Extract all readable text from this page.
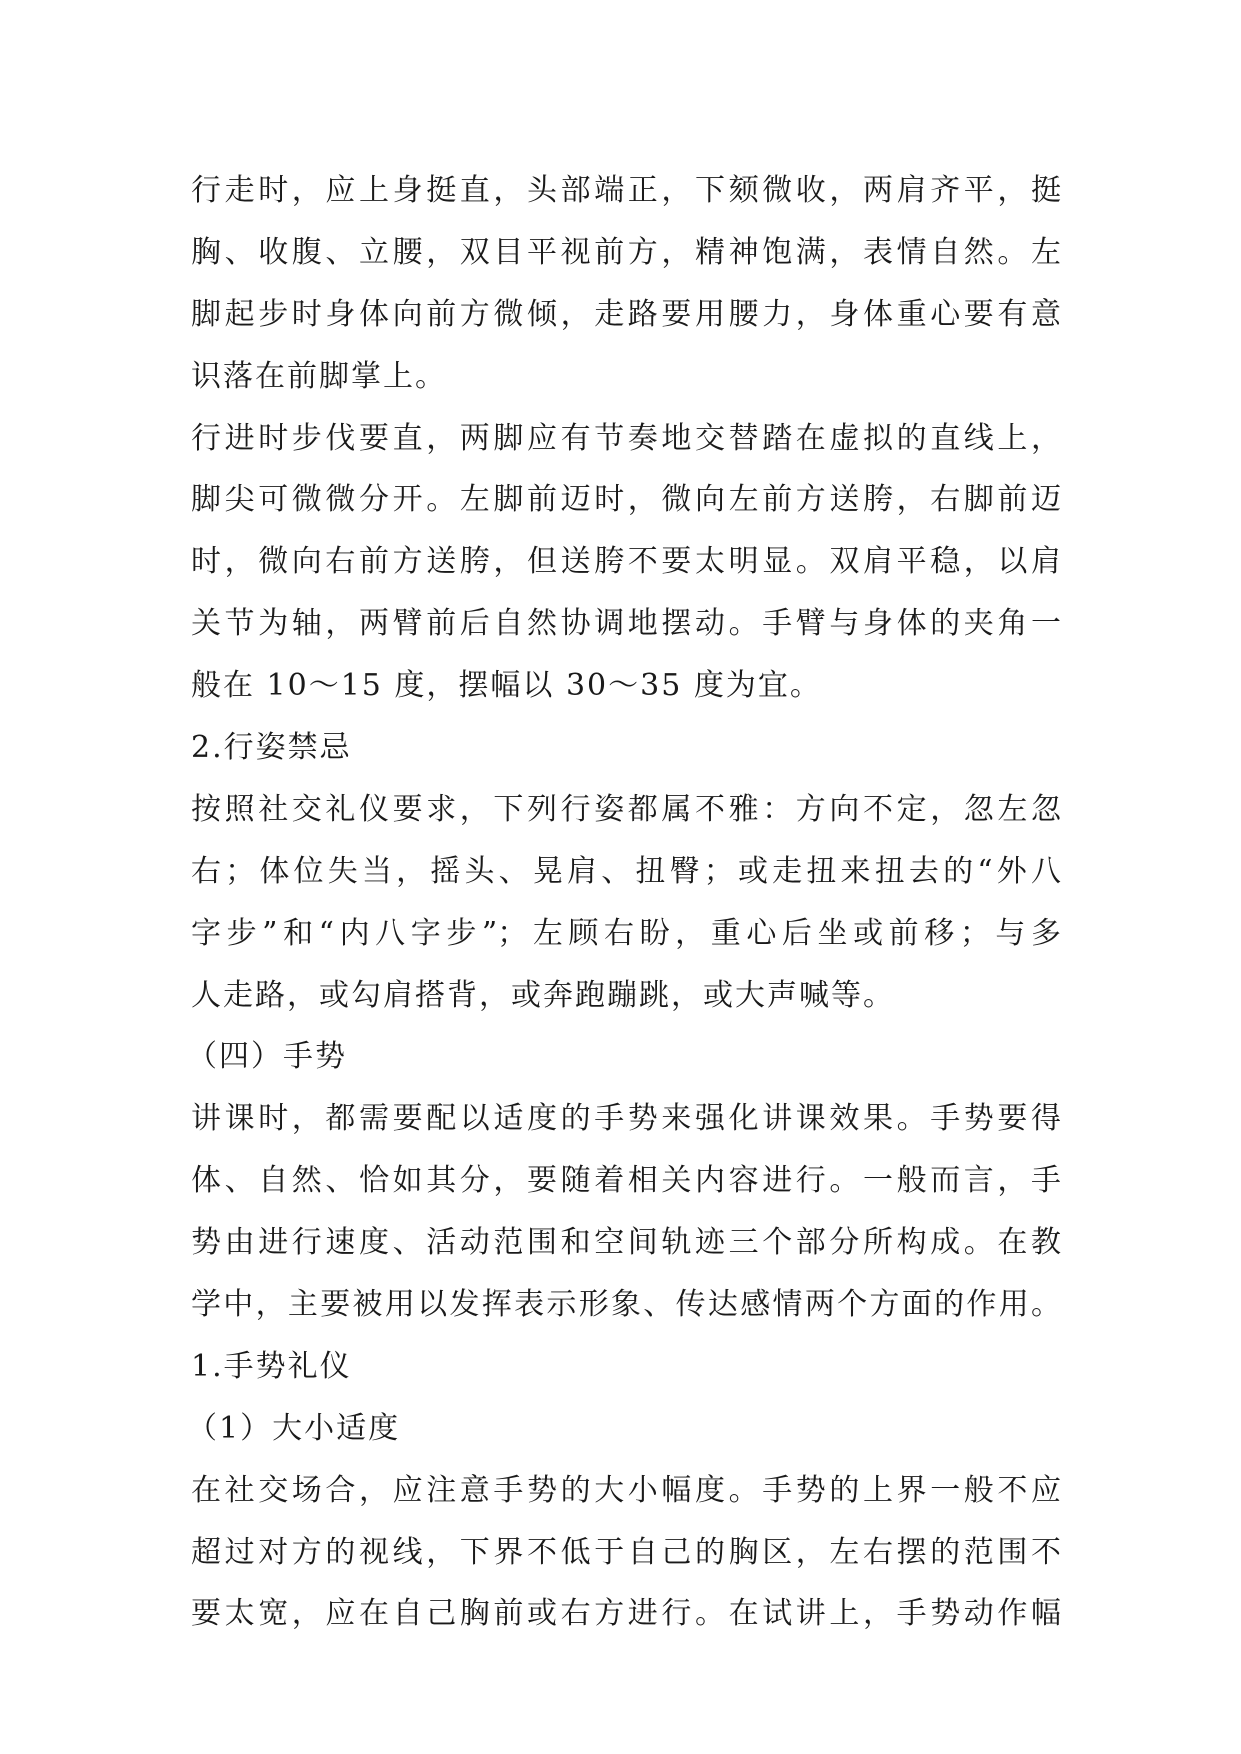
行走时，应上身挺直，头部端正，下颏微收，两肩齐平，挺
胸、收腹、立腰，双目平视前方，精神饱满，表情自然。左
脚起步时身体向前方微倾，走路要用腰力，身体重心要有意
识落在前脚掌上。
行进时步伐要直，两脚应有节奏地交替踏在虚拟的直线上，
脚尖可微微分开。左脚前迈时，微向左前方送胯，右脚前迈
时，微向右前方送胯，但送胯不要太明显。双肩平稳，以肩
关节为轴，两臂前后自然协调地摆动。手臂与身体的夹角一
般在 10～15 度，摆幅以 30～35 度为宜。
2.行姿禁忌
按照社交礼仪要求，下列行姿都属不雅：方向不定，忽左忽
右；体位失当，摇头、晃肩、扭臀；或走扭来扭去的“外八
字步”和“内八字步”；左顾右盼，重心后坐或前移；与多
人走路，或勾肩搭背，或奔跑蹦跳，或大声喊等。
（四）手势
讲课时，都需要配以适度的手势来强化讲课效果。手势要得
体、自然、恰如其分，要随着相关内容进行。一般而言，手
势由进行速度、活动范围和空间轨迹三个部分所构成。在教
学中，主要被用以发挥表示形象、传达感情两个方面的作用。
1.手势礼仪
（1）大小适度
在社交场合，应注意手势的大小幅度。手势的上界一般不应
超过对方的视线，下界不低于自己的胸区，左右摆的范围不
要太宽，应在自己胸前或右方进行。在试讲上，手势动作幅
